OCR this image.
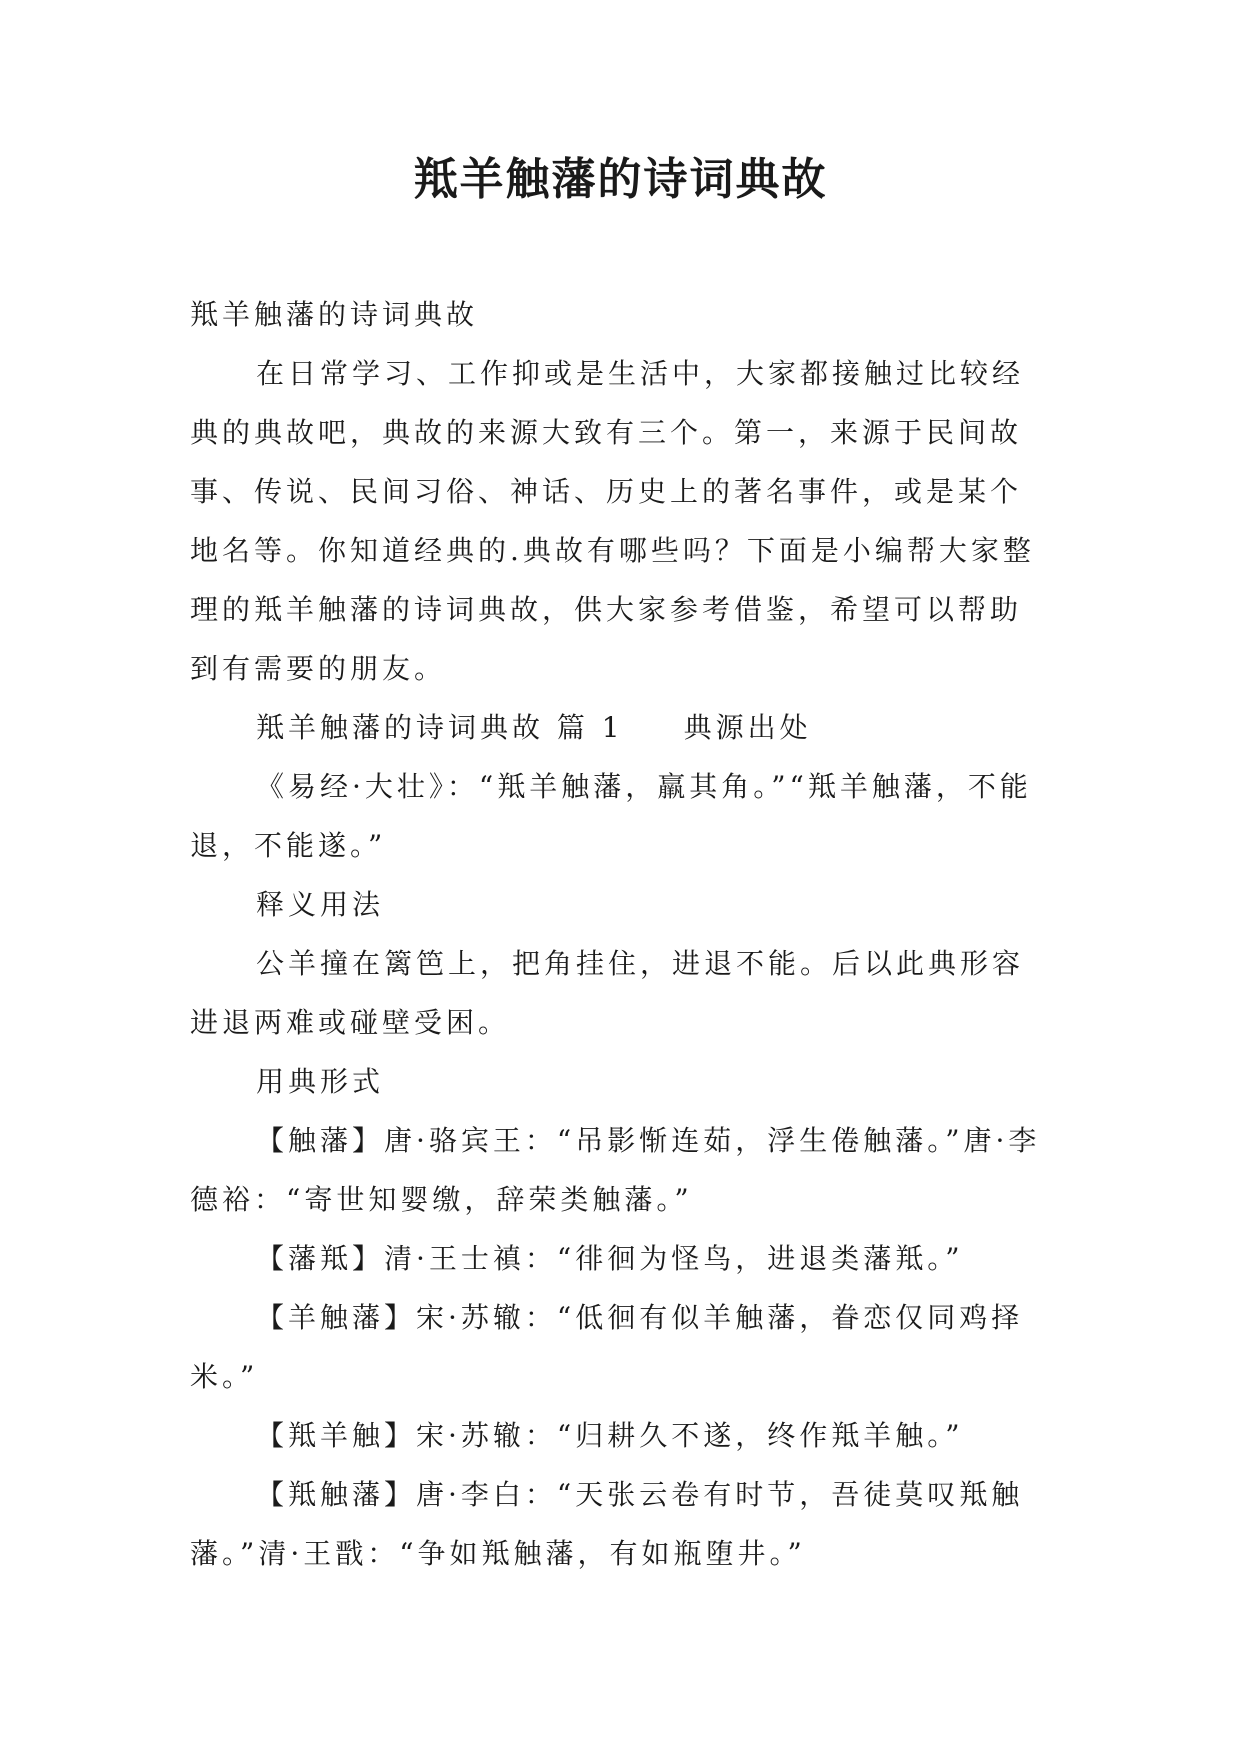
羝羊触藩的诗词典故

羝羊触藩的诗词典故

在日常学习、工作抑或是生活中，大家都接触过比较经典的典故吧，典故的来源大致有三个。第一，来源于民间故事、传说、民间习俗、神话、历史上的著名事件，或是某个地名等。你知道经典的.典故有哪些吗？下面是小编帮大家整理的羝羊触藩的诗词典故，供大家参考借鉴，希望可以帮助到有需要的朋友。

羝羊触藩的诗词典故 篇 1 典源出处

《易经·大壮》：“羝羊触藩，羸其角。”“羝羊触藩，不能退，不能遂。”

释义用法

公羊撞在篱笆上，把角挂住，进退不能。后以此典形容进退两难或碰壁受困。

用典形式

【触藩】唐·骆宾王：“吊影惭连茹，浮生倦触藩。”唐·李德裕：“寄世知婴缴，辞荣类触藩。”

【藩羝】清·王士禛：“徘徊为怪鸟，进退类藩羝。”

【羊触藩】宋·苏辙：“低徊有似羊触藩，眷恋仅同鸡择米。”

【羝羊触】宋·苏辙：“归耕久不遂，终作羝羊触。”

【羝触藩】唐·李白：“天张云卷有时节，吾徒莫叹羝触藩。”清·王戬：“争如羝触藩，有如瓶堕井。”
